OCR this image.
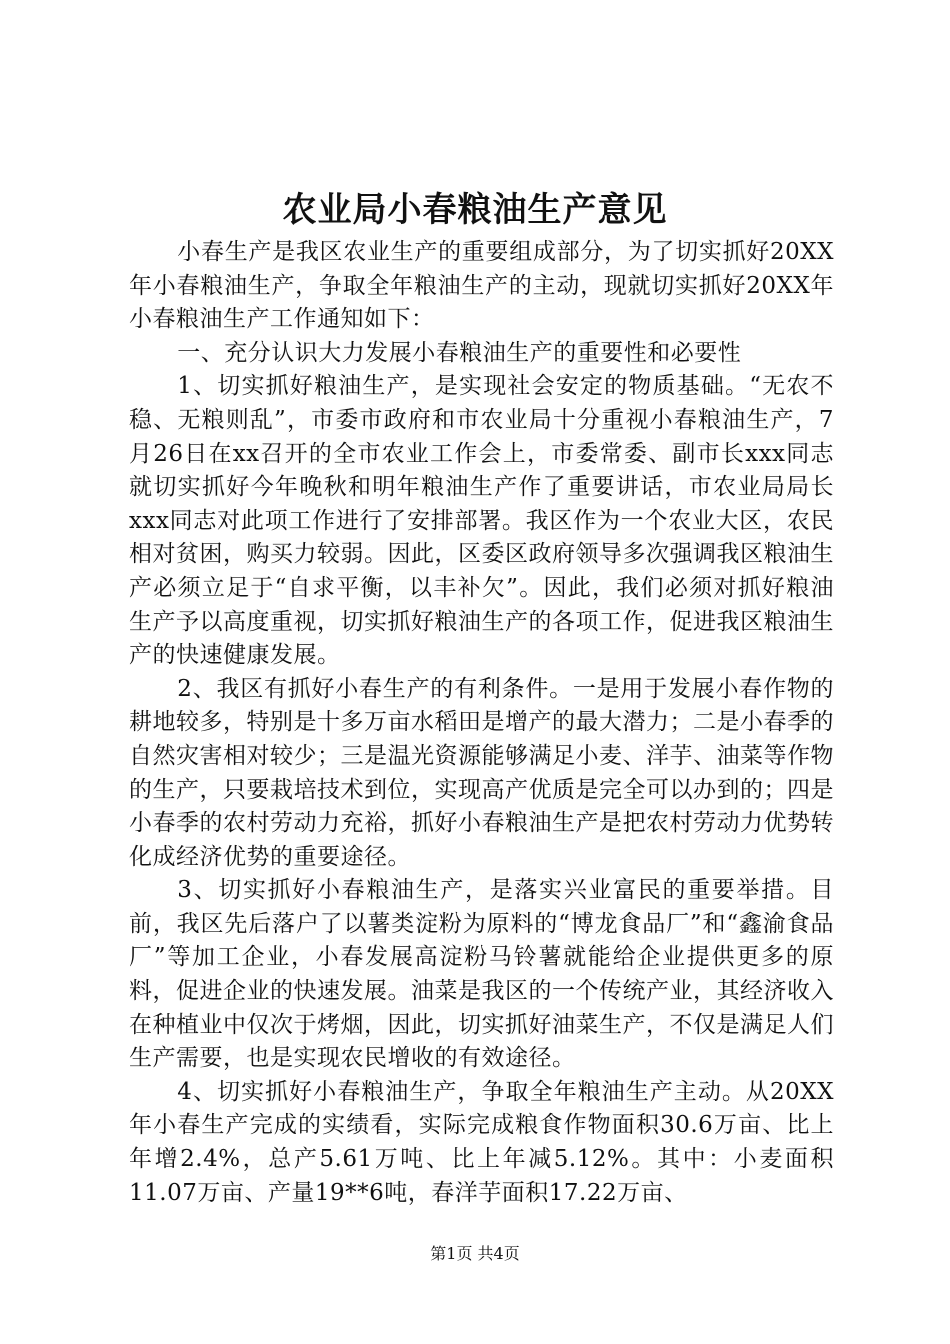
农业局小春粮油生产意见

小春生产是我区农业生产的重要组成部分，为了切实抓好20XX年小春粮油生产，争取全年粮油生产的主动，现就切实抓好20XX年小春粮油生产工作通知如下：

一、充分认识大力发展小春粮油生产的重要性和必要性

1、切实抓好粮油生产，是实现社会安定的物质基础。“无农不稳、无粮则乱”，市委市政府和市农业局十分重视小春粮油生产，7月26日在xx召开的全市农业工作会上，市委常委、副市长xxx同志就切实抓好今年晚秋和明年粮油生产作了重要讲话，市农业局局长xxx同志对此项工作进行了安排部署。我区作为一个农业大区，农民相对贫困，购买力较弱。因此，区委区政府领导多次强调我区粮油生产必须立足于“自求平衡，以丰补欠”。因此，我们必须对抓好粮油生产予以高度重视，切实抓好粮油生产的各项工作，促进我区粮油生产的快速健康发展。

2、我区有抓好小春生产的有利条件。一是用于发展小春作物的耕地较多，特别是十多万亩水稻田是增产的最大潜力；二是小春季的自然灾害相对较少；三是温光资源能够满足小麦、洋芋、油菜等作物的生产，只要栽培技术到位，实现高产优质是完全可以办到的；四是小春季的农村劳动力充裕，抓好小春粮油生产是把农村劳动力优势转化成经济优势的重要途径。

3、切实抓好小春粮油生产，是落实兴业富民的重要举措。目前，我区先后落户了以薯类淀粉为原料的“博龙食品厂”和“鑫渝食品厂”等加工企业，小春发展高淀粉马铃薯就能给企业提供更多的原料，促进企业的快速发展。油菜是我区的一个传统产业，其经济收入在种植业中仅次于烤烟，因此，切实抓好油菜生产，不仅是满足人们生产需要，也是实现农民增收的有效途径。

4、切实抓好小春粮油生产，争取全年粮油生产主动。从20XX年小春生产完成的实绩看，实际完成粮食作物面积30.6万亩、比上年增2.4%，总产5.61万吨、比上年减5.12%。其中：小麦面积11.07万亩、产量19**6吨，春洋芋面积17.22万亩、

第1页 共4页
